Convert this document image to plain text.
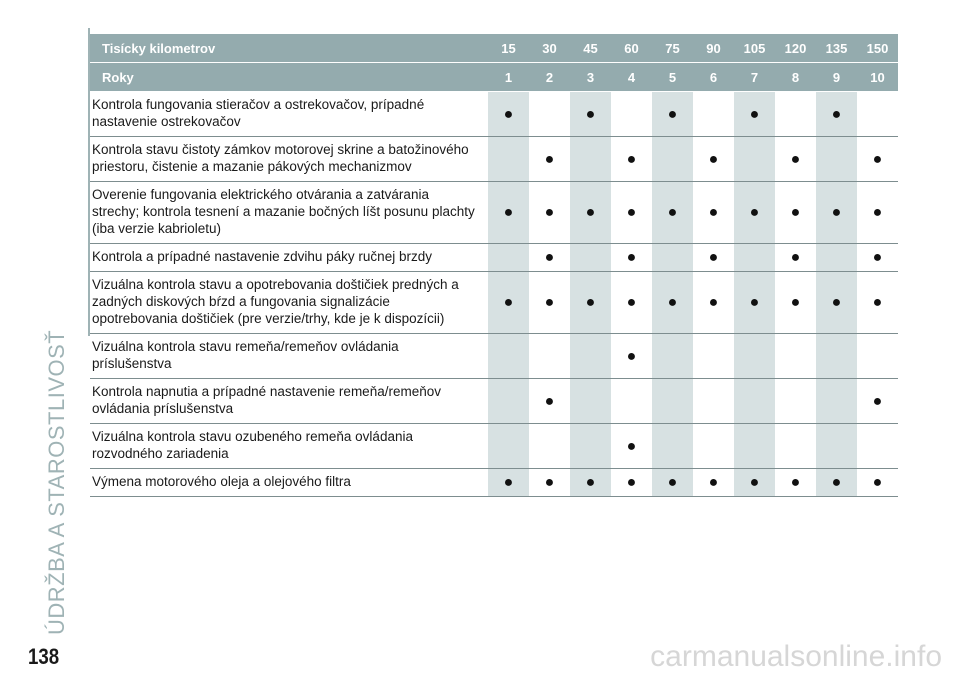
ÚDRŽBA A STAROSTLIVOSŤ
Tisícky kilometrov	15	30	45	60	75	90	105	120	135	150
Roky	1	2	3	4	5	6	7	8	9	10
Kontrola fungovania stieračov a ostrekovačov, prípadné nastavenie ostrekovačov	●		●		●		●		●	
Kontrola stavu čistoty zámkov motorovej skrine a batožinového priestoru, čistenie a mazanie pákových mechanizmov		●		●		●		●		●
Overenie fungovania elektrického otvárania a zatvárania strechy; kontrola tesnení a mazanie bočných líšt posunu plachty (iba verzie kabrioletu)	●	●	●	●	●	●	●	●	●	●
Kontrola a prípadné nastavenie zdvihu páky ručnej brzdy		●		●		●		●		●
Vizuálna kontrola stavu a opotrebovania doštičiek predných a zadných diskových bŕzd a fungovania signalizácie opotrebovania doštičiek (pre verzie/trhy, kde je k dispozícii)	●	●	●	●	●	●	●	●	●	●
Vizuálna kontrola stavu remeňa/remeňov ovládania príslušenstva				●						
Kontrola napnutia a prípadné nastavenie remeňa/remeňov ovládania príslušenstva		●								●
Vizuálna kontrola stavu ozubeného remeňa ovládania rozvodného zariadenia				●						
Výmena motorového oleja a olejového filtra	●	●	●	●	●	●	●	●	●	●
138	carmanualsonline.info
